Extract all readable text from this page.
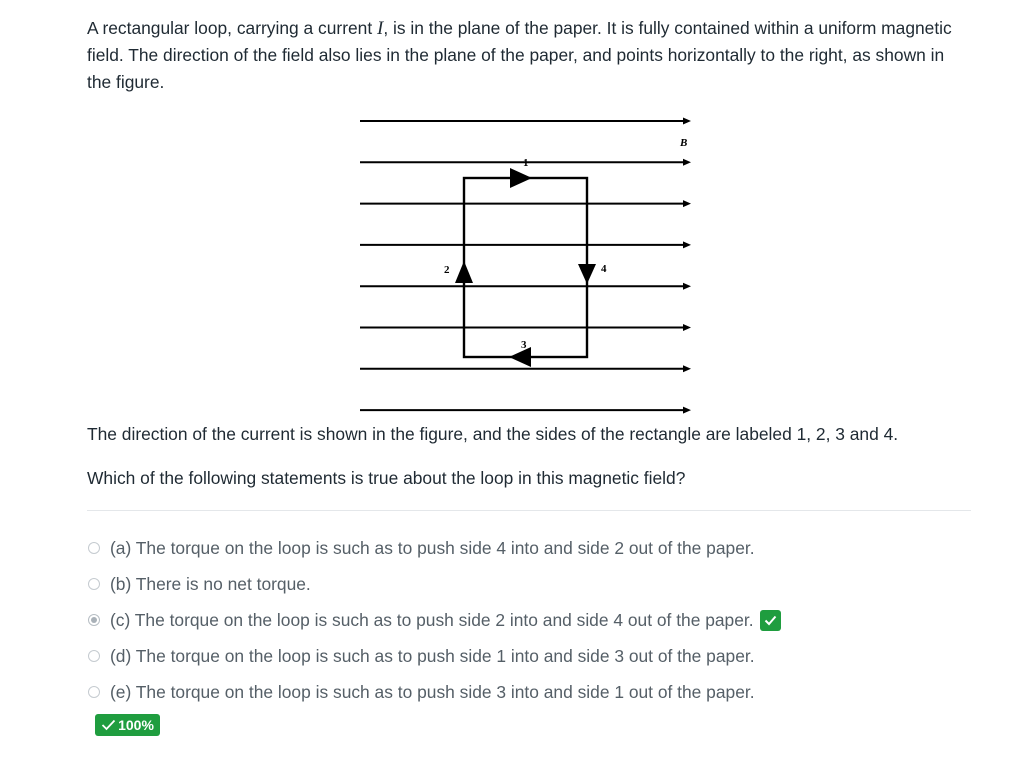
A rectangular loop, carrying a current I, is in the plane of the paper. It is fully contained within a uniform magnetic field. The direction of the field also lies in the plane of the paper, and points horizontally to the right, as shown in the figure.
B
1
2
3
4
The direction of the current is shown in the figure, and the sides of the rectangle are labeled 1, 2, 3 and 4.
Which of the following statements is true about the loop in this magnetic field?
(a) The torque on the loop is such as to push side 4 into and side 2 out of the paper.
(b) There is no net torque.
(c) The torque on the loop is such as to push side 2 into and side 4 out of the paper.
(d) The torque on the loop is such as to push side 1 into and side 3 out of the paper.
(e) The torque on the loop is such as to push side 3 into and side 1 out of the paper.
100%
